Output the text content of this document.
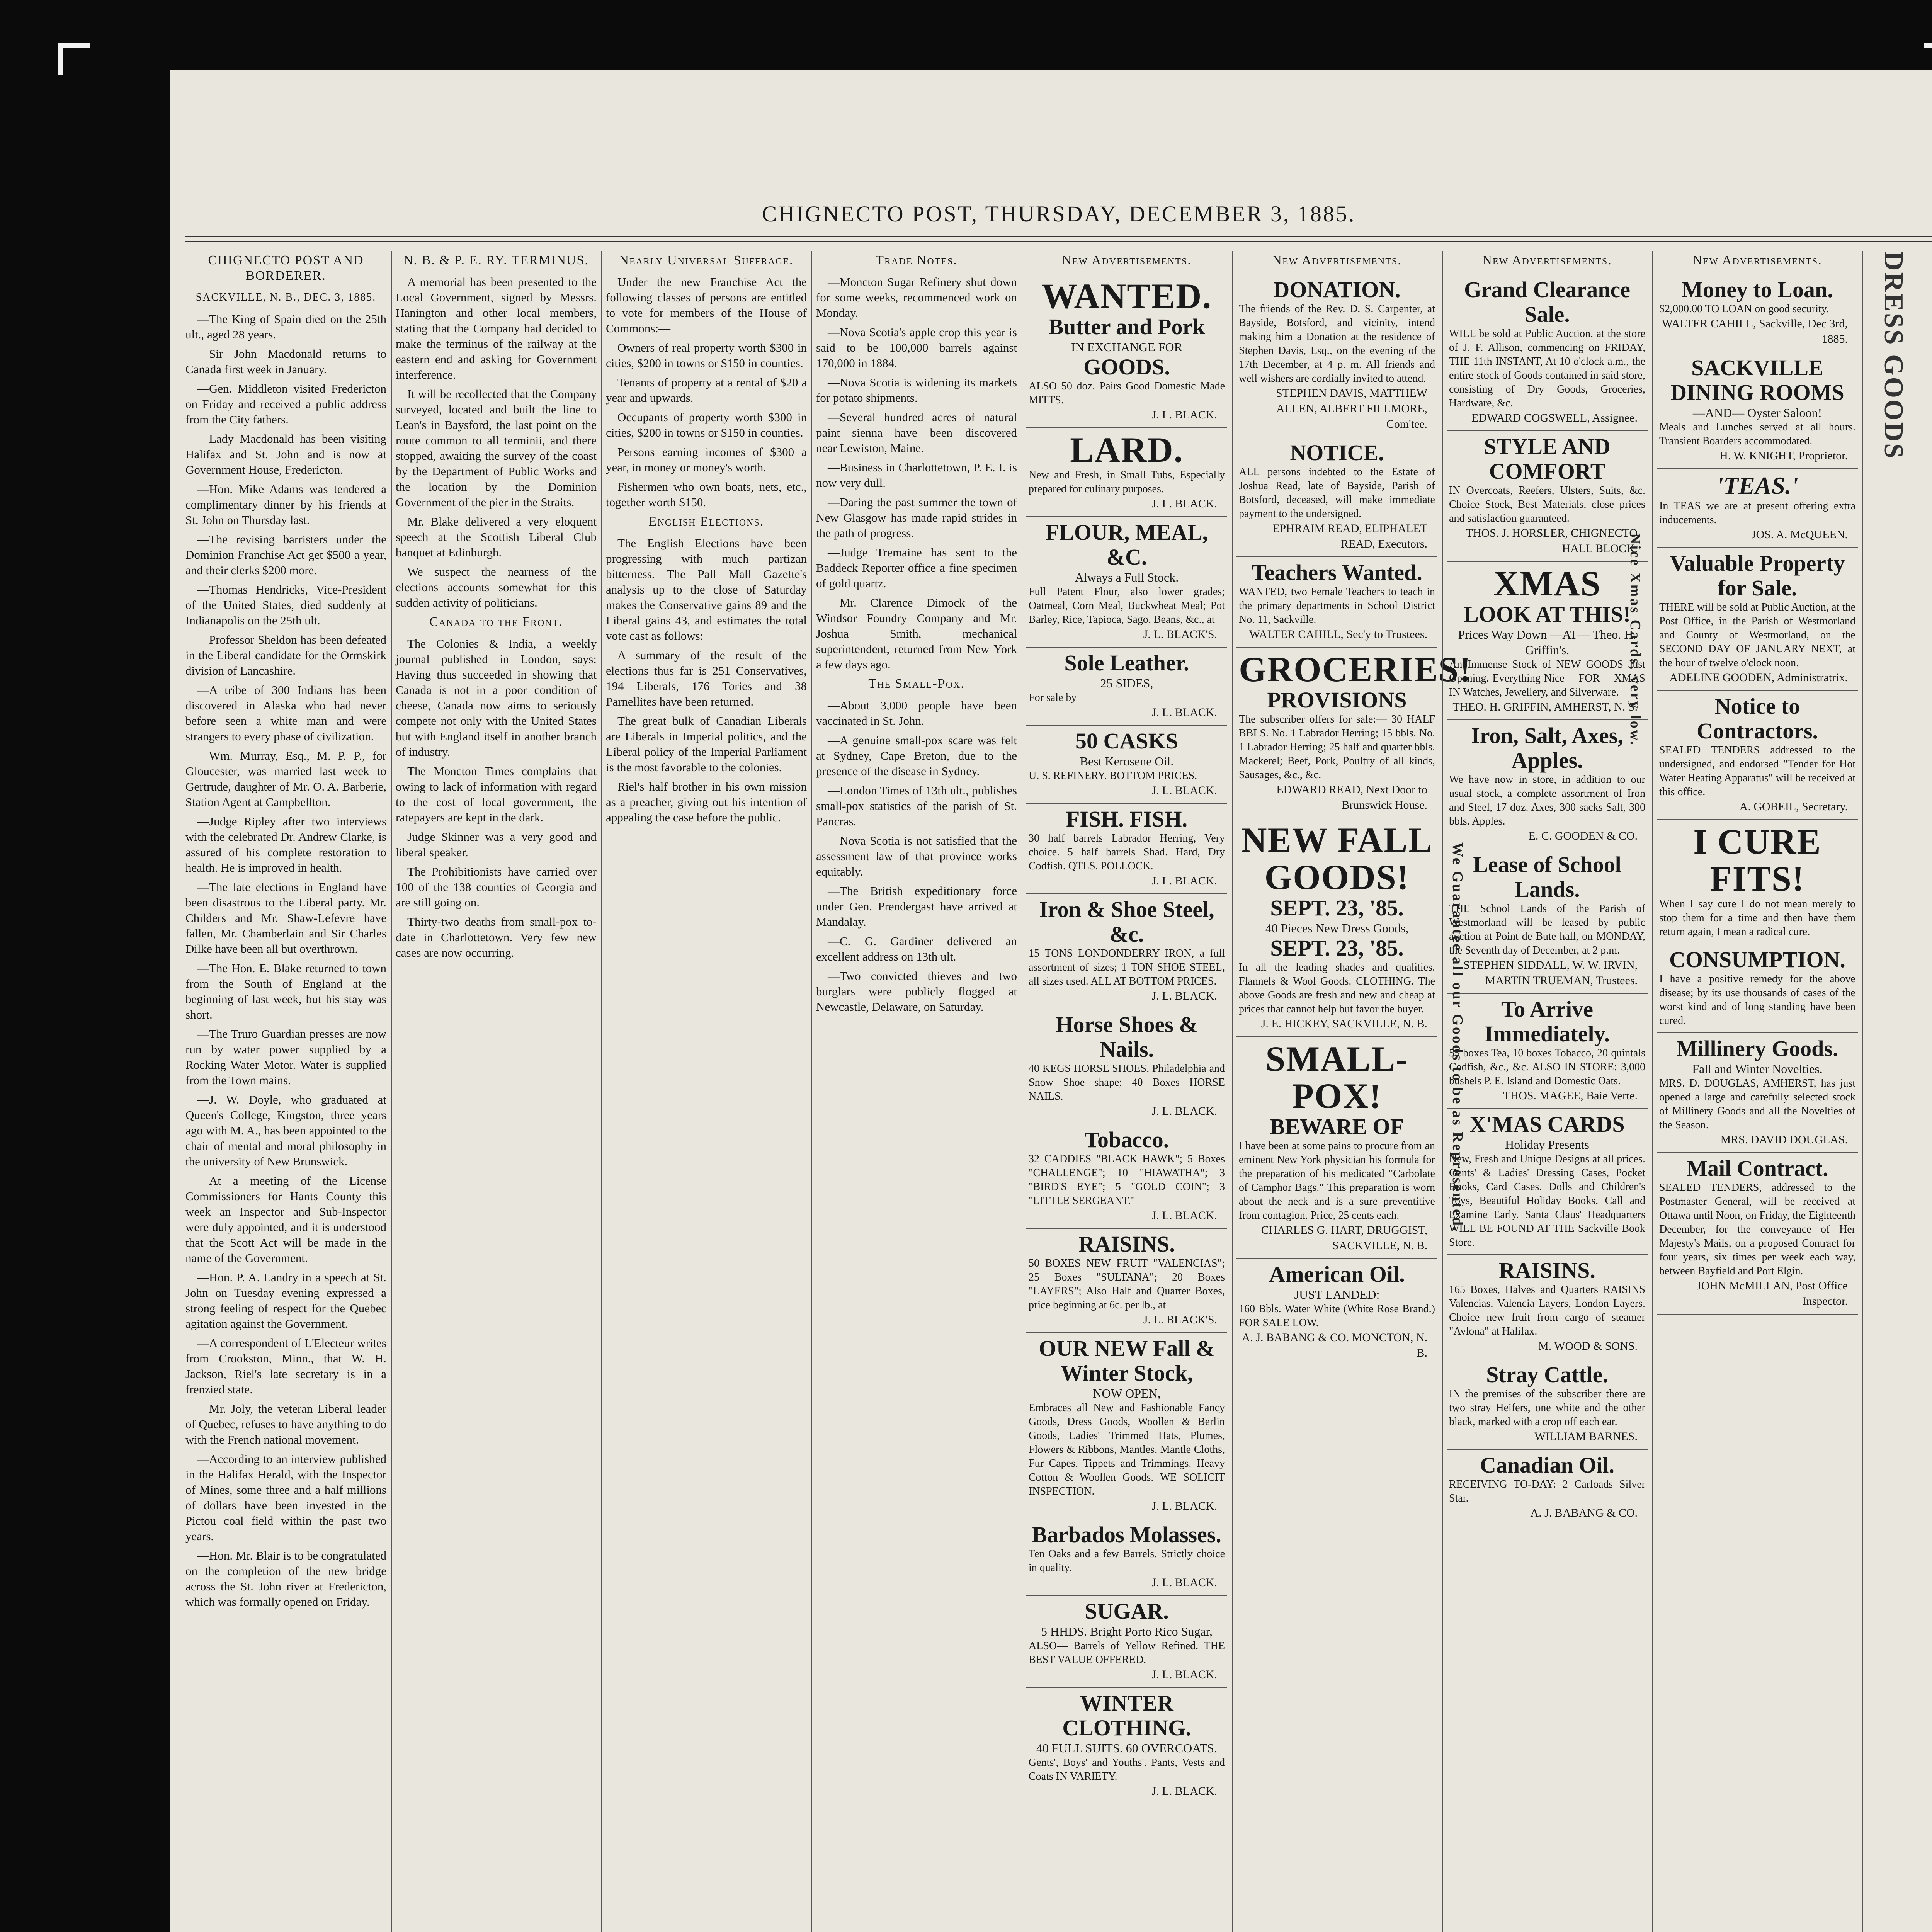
CHIGNECTO POST, THURSDAY, DECEMBER 3, 1885.

CHIGNECTO POST AND BORDERER.

SACKVILLE, N. B., DEC. 3, 1885.

—The King of Spain died on the 25th ult., aged 28 years.

—Sir John Macdonald returns to Canada first week in January.

—Gen. Middleton visited Fredericton on Friday and received a public address from the City fathers.

—Lady Macdonald has been visiting Halifax and St. John and is now at Government House, Fredericton.

—Hon. Mike Adams was tendered a complimentary dinner by his friends at St. John on Thursday last.

—The revising barristers under the Dominion Franchise Act get $500 a year, and their clerks $200 more.

—Thomas Hendricks, Vice-President of the United States, died suddenly at Indianapolis on the 25th ult.

—Professor Sheldon has been defeated in the Liberal candidate for the Ormskirk division of Lancashire.

—A tribe of 300 Indians has been discovered in Alaska who had never before seen a white man and were strangers to every phase of civilization.

—Wm. Murray, Esq., M. P. P., for Gloucester, was married last week to Gertrude, daughter of Mr. O. A. Barberie, Station Agent at Campbellton.

—Judge Ripley after two interviews with the celebrated Dr. Andrew Clarke, is assured of his complete restoration to health. He is improved in health.

—The late elections in England have been disastrous to the Liberal party. Mr. Childers and Mr. Shaw-Lefevre have fallen, Mr. Chamberlain and Sir Charles Dilke have been all but overthrown.

—The Hon. E. Blake returned to town from the South of England at the beginning of last week, but his stay was short.

—The Truro Guardian presses are now run by water power supplied by a Rocking Water Motor. Water is supplied from the Town mains.

—J. W. Doyle, who graduated at Queen's College, Kingston, three years ago with M. A., has been appointed to the chair of mental and moral philosophy in the university of New Brunswick.

—At a meeting of the License Commissioners for Hants County this week an Inspector and Sub-Inspector were duly appointed, and it is understood that the Scott Act will be made in the name of the Government.

—Hon. P. A. Landry in a speech at St. John on Tuesday evening expressed a strong feeling of respect for the Quebec agitation against the Government.

—A correspondent of L'Electeur writes from Crookston, Minn., that W. H. Jackson, Riel's late secretary is in a frenzied state.

—Mr. Joly, the veteran Liberal leader of Quebec, refuses to have anything to do with the French national movement.

—According to an interview published in the Halifax Herald, with the Inspector of Mines, some three and a half millions of dollars have been invested in the Pictou coal field within the past two years.

—Hon. Mr. Blair is to be congratulated on the completion of the new bridge across the St. John river at Fredericton, which was formally opened on Friday.

N. B. & P. E. RY. TERMINUS.

A memorial has been presented to the Local Government, signed by Messrs. Hanington and other local members, stating that the Company had decided to make the terminus of the railway at the eastern end and asking for Government interference.

It will be recollected that the Company surveyed, located and built the line to Lean's in Baysford, the last point on the route common to all terminii, and there stopped, awaiting the survey of the coast by the Department of Public Works and the location by the Dominion Government of the pier in the Straits.

Mr. Blake delivered a very eloquent speech at the Scottish Liberal Club banquet at Edinburgh.

We suspect the nearness of the elections accounts somewhat for this sudden activity of politicians.

Canada to the Front.

The Colonies & India, a weekly journal published in London, says: Having thus succeeded in showing that Canada is not in a poor condition of cheese, Canada now aims to seriously compete not only with the United States but with England itself in another branch of industry.

The Moncton Times complains that owing to lack of information with regard to the cost of local government, the ratepayers are kept in the dark.

Judge Skinner was a very good and liberal speaker.

The Prohibitionists have carried over 100 of the 138 counties of Georgia and are still going on.

Thirty-two deaths from small-pox to-date in Charlottetown. Very few new cases are now occurring.

Nearly Universal Suffrage.

Under the new Franchise Act the following classes of persons are entitled to vote for members of the House of Commons:—

Owners of real property worth $300 in cities, $200 in towns or $150 in counties.

Tenants of property at a rental of $20 a year and upwards.

Occupants of property worth $300 in cities, $200 in towns or $150 in counties.

Persons earning incomes of $300 a year, in money or money's worth.

Fishermen who own boats, nets, etc., together worth $150.

English Elections.

The English Elections have been progressing with much partizan bitterness. The Pall Mall Gazette's analysis up to the close of Saturday makes the Conservative gains 89 and the Liberal gains 43, and estimates the total vote cast as follows:

A summary of the result of the elections thus far is 251 Conservatives, 194 Liberals, 176 Tories and 38 Parnellites have been returned.

The great bulk of Canadian Liberals are Liberals in Imperial politics, and the Liberal policy of the Imperial Parliament is the most favorable to the colonies.

Riel's half brother in his own mission as a preacher, giving out his intention of appealing the case before the public.

Trade Notes.

—Moncton Sugar Refinery shut down for some weeks, recommenced work on Monday.

—Nova Scotia's apple crop this year is said to be 100,000 barrels against 170,000 in 1884.

—Nova Scotia is widening its markets for potato shipments.

—Several hundred acres of natural paint—sienna—have been discovered near Lewiston, Maine.

—Business in Charlottetown, P. E. I. is now very dull.

—Daring the past summer the town of New Glasgow has made rapid strides in the path of progress.

—Judge Tremaine has sent to the Baddeck Reporter office a fine specimen of gold quartz.

—Mr. Clarence Dimock of the Windsor Foundry Company and Mr. Joshua Smith, mechanical superintendent, returned from New York a few days ago.

The Small-Pox.

—About 3,000 people have been vaccinated in St. John.

—A genuine small-pox scare was felt at Sydney, Cape Breton, due to the presence of the disease in Sydney.

—London Times of 13th ult., publishes small-pox statistics of the parish of St. Pancras.

—Nova Scotia is not satisfied that the assessment law of that province works equitably.

—The British expeditionary force under Gen. Prendergast have arrived at Mandalay.

—C. G. Gardiner delivered an excellent address on 13th ult.

—Two convicted thieves and two burglars were publicly flogged at Newcastle, Delaware, on Saturday.

New Advertisements.

WANTED.
Butter and Pork
IN EXCHANGE FOR
GOODS.
ALSO 50 doz. Pairs Good Domestic Made MITTS.
J. L. BLACK.
LARD.
New and Fresh, in Small Tubs, Especially prepared for culinary purposes.
J. L. BLACK.
FLOUR, MEAL, &C.
Always a Full Stock.
Full Patent Flour, also lower grades; Oatmeal, Corn Meal, Buckwheat Meal; Pot Barley, Rice, Tapioca, Sago, Beans, &c., at
J. L. BLACK'S.
Sole Leather.
25 SIDES,
For sale by
J. L. BLACK.
50 CASKS
Best Kerosene Oil.
U. S. REFINERY. BOTTOM PRICES.
J. L. BLACK.
FISH. FISH.
30 half barrels Labrador Herring, Very choice. 5 half barrels Shad. Hard, Dry Codfish. QTLS. POLLOCK.
J. L. BLACK.
Iron & Shoe Steel, &c.
15 TONS LONDONDERRY IRON, a full assortment of sizes; 1 TON SHOE STEEL, all sizes used. ALL AT BOTTOM PRICES.
J. L. BLACK.
Horse Shoes & Nails.
40 KEGS HORSE SHOES, Philadelphia and Snow Shoe shape; 40 Boxes HORSE NAILS.
J. L. BLACK.
Tobacco.
32 CADDIES "BLACK HAWK"; 5 Boxes "CHALLENGE"; 10 "HIAWATHA"; 3 "BIRD'S EYE"; 5 "GOLD COIN"; 3 "LITTLE SERGEANT."
J. L. BLACK.
RAISINS.
50 BOXES NEW FRUIT "VALENCIAS"; 25 Boxes "SULTANA"; 20 Boxes "LAYERS"; Also Half and Quarter Boxes, price beginning at 6c. per lb., at
J. L. BLACK'S.
OUR NEW Fall & Winter Stock,
NOW OPEN,
Embraces all New and Fashionable Fancy Goods, Dress Goods, Woollen & Berlin Goods, Ladies' Trimmed Hats, Plumes, Flowers & Ribbons, Mantles, Mantle Cloths, Fur Capes, Tippets and Trimmings. Heavy Cotton & Woollen Goods. WE SOLICIT INSPECTION.
J. L. BLACK.
Barbados Molasses.
Ten Oaks and a few Barrels. Strictly choice in quality.
J. L. BLACK.
SUGAR.
5 HHDS. Bright Porto Rico Sugar,
ALSO— Barrels of Yellow Refined. THE BEST VALUE OFFERED.
J. L. BLACK.
WINTER CLOTHING.
40 FULL SUITS. 60 OVERCOATS.
Gents', Boys' and Youths'. Pants, Vests and Coats IN VARIETY.
J. L. BLACK.

New Advertisements.

DONATION.
The friends of the Rev. D. S. Carpenter, at Bayside, Botsford, and vicinity, intend making him a Donation at the residence of Stephen Davis, Esq., on the evening of the 17th December, at 4 p. m. All friends and well wishers are cordially invited to attend.
STEPHEN DAVIS, MATTHEW ALLEN, ALBERT FILLMORE, Com'tee.
NOTICE.
ALL persons indebted to the Estate of Joshua Read, late of Bayside, Parish of Botsford, deceased, will make immediate payment to the undersigned.
EPHRAIM READ, ELIPHALET READ, Executors.
Teachers Wanted.
WANTED, two Female Teachers to teach in the primary departments in School District No. 11, Sackville.
WALTER CAHILL, Sec'y to Trustees.
GROCERIES!
PROVISIONS
The subscriber offers for sale:— 30 HALF BBLS. No. 1 Labrador Herring; 15 bbls. No. 1 Labrador Herring; 25 half and quarter bbls. Mackerel; Beef, Pork, Poultry of all kinds, Sausages, &c., &c.
EDWARD READ, Next Door to Brunswick House.
NEW FALL GOODS!
SEPT. 23, '85.
40 Pieces New Dress Goods,
SEPT. 23, '85.
In all the leading shades and qualities. Flannels & Wool Goods. CLOTHING. The above Goods are fresh and new and cheap at prices that cannot help but favor the buyer.
J. E. HICKEY, SACKVILLE, N. B.
SMALL-POX!
BEWARE OF
I have been at some pains to procure from an eminent New York physician his formula for the preparation of his medicated "Carbolate of Camphor Bags." This preparation is worn about the neck and is a sure preventitive from contagion. Price, 25 cents each.
CHARLES G. HART, DRUGGIST, SACKVILLE, N. B.
American Oil.
JUST LANDED:
160 Bbls. Water White (White Rose Brand.) FOR SALE LOW.
A. J. BABANG & CO. MONCTON, N. B.

New Advertisements.

Grand Clearance Sale.
WILL be sold at Public Auction, at the store of J. F. Allison, commencing on FRIDAY, THE 11th INSTANT, At 10 o'clock a.m., the entire stock of Goods contained in said store, consisting of Dry Goods, Groceries, Hardware, &c.
EDWARD COGSWELL, Assignee.
STYLE AND COMFORT
IN Overcoats, Reefers, Ulsters, Suits, &c. Choice Stock, Best Materials, close prices and satisfaction guaranteed.
THOS. J. HORSLER, CHIGNECTO HALL BLOCK.
XMAS
LOOK AT THIS!
Prices Way Down —AT— Theo. H. Griffin's.
An Immense Stock of NEW GOODS Just Opening. Everything Nice —FOR— XMAS IN Watches, Jewellery, and Silverware.
THEO. H. GRIFFIN, AMHERST, N. S.
Iron, Salt, Axes, Apples.
We have now in store, in addition to our usual stock, a complete assortment of Iron and Steel, 17 doz. Axes, 300 sacks Salt, 300 bbls. Apples.
E. C. GOODEN & CO.
Lease of School Lands.
THE School Lands of the Parish of Westmorland will be leased by public auction at Point de Bute hall, on MONDAY, the Seventh day of December, at 2 p.m.
STEPHEN SIDDALL, W. W. IRVIN, MARTIN TRUEMAN, Trustees.
To Arrive Immediately.
55 boxes Tea, 10 boxes Tobacco, 20 quintals Codfish, &c., &c. ALSO IN STORE: 3,000 bushels P. E. Island and Domestic Oats.
THOS. MAGEE, Baie Verte.
X'MAS CARDS
Holiday Presents
New, Fresh and Unique Designs at all prices. Gents' & Ladies' Dressing Cases, Pocket Books, Card Cases. Dolls and Children's Toys, Beautiful Holiday Books. Call and Examine Early. Santa Claus' Headquarters WILL BE FOUND AT THE Sackville Book Store.
RAISINS.
165 Boxes, Halves and Quarters RAISINS Valencias, Valencia Layers, London Layers. Choice new fruit from cargo of steamer "Avlona" at Halifax.
M. WOOD & SONS.
Stray Cattle.
IN the premises of the subscriber there are two stray Heifers, one white and the other black, marked with a crop off each ear.
WILLIAM BARNES.
Canadian Oil.
RECEIVING TO-DAY: 2 Carloads Silver Star.
A. J. BABANG & CO.
We Guarantee all our Goods to be as Represented.
Nice Xmas Cards, very low.

New Advertisements.

Money to Loan.
$2,000.00 TO LOAN on good security.
WALTER CAHILL, Sackville, Dec 3rd, 1885.
SACKVILLE DINING ROOMS
—AND— Oyster Saloon!
Meals and Lunches served at all hours. Transient Boarders accommodated.
H. W. KNIGHT, Proprietor.
'TEAS.'
In TEAS we are at present offering extra inducements.
JOS. A. McQUEEN.
Valuable Property for Sale.
THERE will be sold at Public Auction, at the Post Office, in the Parish of Westmorland and County of Westmorland, on the SECOND DAY OF JANUARY NEXT, at the hour of twelve o'clock noon.
ADELINE GOODEN, Administratrix.
Notice to Contractors.
SEALED TENDERS addressed to the undersigned, and endorsed "Tender for Hot Water Heating Apparatus" will be received at this office.
A. GOBEIL, Secretary.
I CURE FITS!
When I say cure I do not mean merely to stop them for a time and then have them return again, I mean a radical cure.
CONSUMPTION.
I have a positive remedy for the above disease; by its use thousands of cases of the worst kind and of long standing have been cured.
Millinery Goods.
Fall and Winter Novelties.
MRS. D. DOUGLAS, AMHERST, has just opened a large and carefully selected stock of Millinery Goods and all the Novelties of the Season.
MRS. DAVID DOUGLAS.
Mail Contract.
SEALED TENDERS, addressed to the Postmaster General, will be received at Ottawa until Noon, on Friday, the Eighteenth December, for the conveyance of Her Majesty's Mails, on a proposed Contract for four years, six times per week each way, between Bayfield and Port Elgin.
JOHN McMILLAN, Post Office Inspector.
DRESS GOODS
